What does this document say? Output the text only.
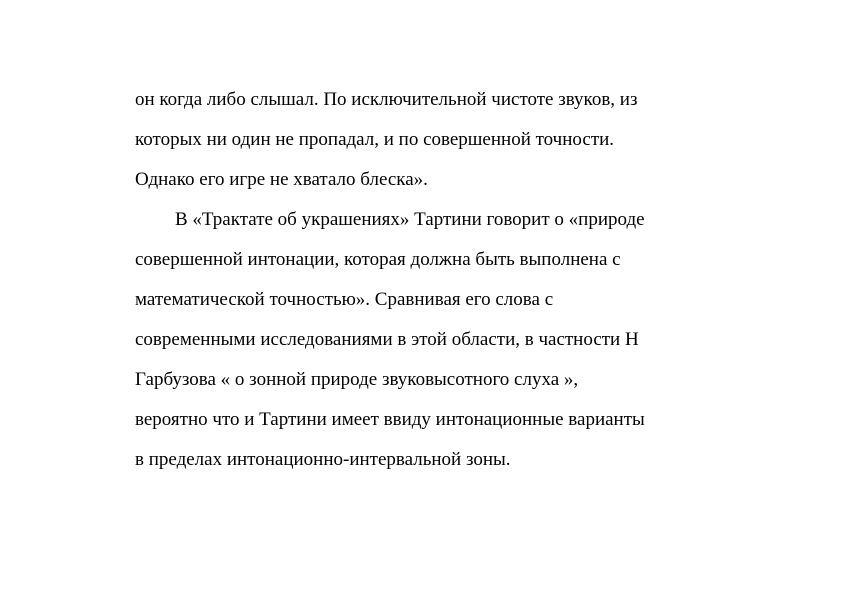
он когда либо слышал. По исключительной чистоте звуков, из
которых ни один не пропадал, и по совершенной точности.
Однако его игре не хватало блеска».
В «Трактате об украшениях» Тартини говорит о «природе
совершенной интонации, которая должна быть выполнена с
математической точностью». Сравнивая его слова с
современными исследованиями в этой области, в частности Н
Гарбузова « о зонной природе звуковысотного слуха »,
вероятно что и Тартини имеет ввиду интонационные варианты
в пределах интонационно-интервальной зоны.
